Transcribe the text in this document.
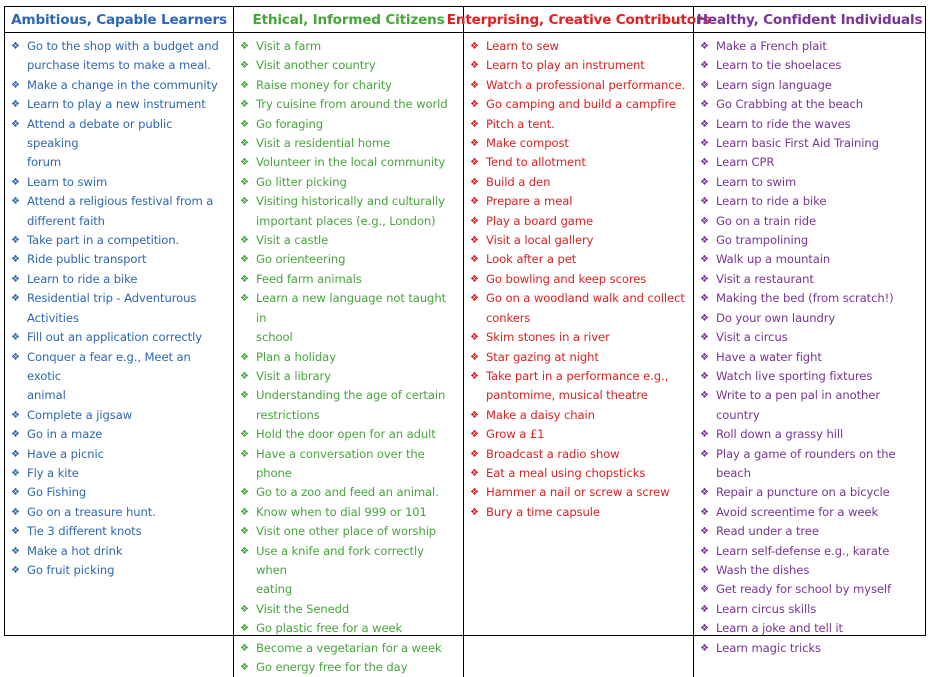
Ambitious, Capable Learners	Ethical, Informed Citizens Enterprising, Creative Contributors
Healthy, Confident Individuals
❖ Go to the shop with a budget and
purchase items to make a meal.
❖ Make a change in the community
❖ Learn to play a new instrument
❖ Attend a debate or public speaking
forum
❖ Learn to swim
❖ Attend a religious festival from a
different faith
❖ Take part in a competition.
❖ Ride public transport
❖ Learn to ride a bike
❖ Residential trip - Adventurous
Activities
❖ Fill out an application correctly
❖ Conquer a fear e.g., Meet an exotic
animal
❖ Complete a jigsaw
❖ Go in a maze
❖ Have a picnic
❖ Fly a kite
❖ Go Fishing
❖ Go on a treasure hunt.
❖ Tie 3 different knots
❖ Make a hot drink
❖ Go fruit picking
❖ Visit a farm
❖ Visit another country
❖ Raise money for charity
❖ Try cuisine from around the world
❖ Go foraging
❖ Visit a residential home
❖ Volunteer in the local community
❖ Go litter picking
❖ Visiting historically and culturally
important places (e.g., London)
❖ Visit a castle
❖ Go orienteering
❖ Feed farm animals
❖ Learn a new language not taught in
school
❖ Plan a holiday
❖ Visit a library
❖ Understanding the age of certain
restrictions
❖ Hold the door open for an adult
❖ Have a conversation over the phone
❖ Go to a zoo and feed an animal.
❖ Know when to dial 999 or 101
❖ Visit one other place of worship
❖ Use a knife and fork correctly when
eating
❖ Visit the Senedd
❖ Go plastic free for a week
❖ Become a vegetarian for a week
❖ Go energy free for the day
❖ Learn to sew
❖ Learn to play an instrument
❖ Watch a professional performance.
❖ Go camping and build a campfire
❖ Pitch a tent.
❖ Make compost
❖ Tend to allotment
❖ Build a den
❖ Prepare a meal
❖ Play a board game
❖ Visit a local gallery
❖ Look after a pet
❖ Go bowling and keep scores
❖ Go on a woodland walk and collect
conkers
❖ Skim stones in a river
❖ Star gazing at night
❖ Take part in a performance e.g.,
pantomime, musical theatre
❖ Make a daisy chain
❖ Grow a £1
❖ Broadcast a radio show
❖ Eat a meal using chopsticks
❖ Hammer a nail or screw a screw
❖ Bury a time capsule
❖ Make a French plait
❖ Learn to tie shoelaces
❖ Learn sign language
❖ Go Crabbing at the beach
❖ Learn to ride the waves
❖ Learn basic First Aid Training
❖ Learn CPR
❖ Learn to swim
❖ Learn to ride a bike
❖ Go on a train ride
❖ Go trampolining
❖ Walk up a mountain
❖ Visit a restaurant
❖ Making the bed (from scratch!)
❖ Do your own laundry
❖ Visit a circus
❖ Have a water fight
❖ Watch live sporting fixtures
❖ Write to a pen pal in another country
❖ Roll down a grassy hill
❖ Play a game of rounders on the
beach
❖ Repair a puncture on a bicycle
❖ Avoid screentime for a week
❖ Read under a tree
❖ Learn self-defense e.g., karate
❖ Wash the dishes
❖ Get ready for school by myself
❖ Learn circus skills
❖ Learn a joke and tell it
❖ Learn magic tricks
